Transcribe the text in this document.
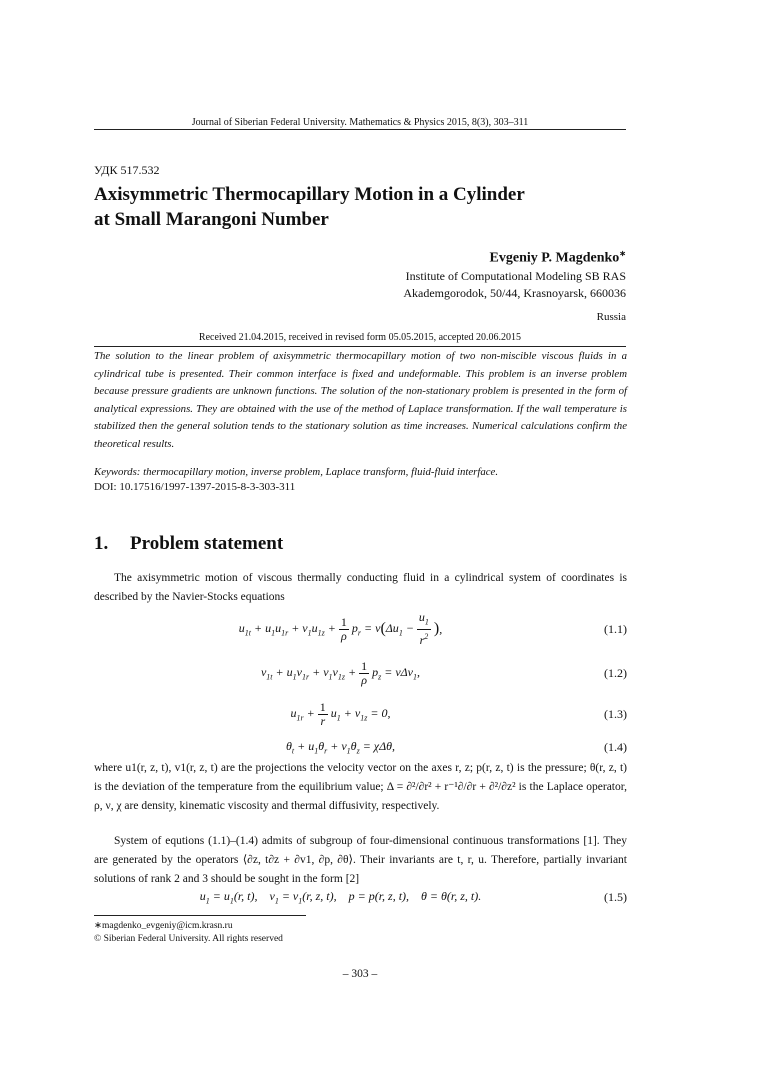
Journal of Siberian Federal University. Mathematics & Physics 2015, 8(3), 303–311
УДК 517.532
Axisymmetric Thermocapillary Motion in a Cylinder
at Small Marangoni Number
Evgeniy P. Magdenko∗
Institute of Computational Modeling SB RAS
Akademgorodok, 50/44, Krasnoyarsk, 660036
Russia
Received 21.04.2015, received in revised form 05.05.2015, accepted 20.06.2015
The solution to the linear problem of axisymmetric thermocapillary motion of two non-miscible viscous fluids in a cylindrical tube is presented. Their common interface is fixed and undeformable. This problem is an inverse problem because pressure gradients are unknown functions. The solution of the non-stationary problem is presented in the form of analytical expressions. They are obtained with the use of the method of Laplace transformation. If the wall temperature is stabilized then the general solution tends to the stationary solution as time increases. Numerical calculations confirm the theoretical results.
Keywords: thermocapillary motion, inverse problem, Laplace transform, fluid-fluid interface.
DOI: 10.17516/1997-1397-2015-8-3-303-311
1. Problem statement
The axisymmetric motion of viscous thermally conducting fluid in a cylindrical system of coordinates is described by the Navier-Stocks equations
$u_{1t} + u_1u_{1r} + v_1u_{1z} + \frac{1}{\rho} p_r = \nu$ ( $\Delta u_1 - \frac{u_1}{r^2}$ ) ,	(1.1)
$v_{1t} + u_1v_{1r} + v_1v_{1z} + \frac{1}{\rho} p_z = \nu\Delta v_1$,	(1.2)
$u_{1r} + \frac{1}{r} u_1 + v_{1z} = 0$,	(1.3)
$\theta_t + u_1\theta_r + v_1\theta_z = \chi\Delta\theta$,	(1.4)
where u1(r, z, t), v1(r, z, t) are the projections the velocity vector on the axes r, z; p(r, z, t) is the pressure; θ(r, z, t) is the deviation of the temperature from the equilibrium value; Δ = ∂²/∂r² + r⁻¹∂/∂r + ∂²/∂z² is the Laplace operator, ρ, ν, χ are density, kinematic viscosity and thermal diffusivity, respectively.
System of equtions (1.1)–(1.4) admits of subgroup of four-dimensional continuous transformations [1]. They are generated by the operators ⟨∂z, t∂z + ∂v1, ∂p, ∂θ⟩. Their invariants are t, r, u. Therefore, partially invariant solutions of rank 2 and 3 should be sought in the form [2]
$u_1 = u_1(r$, t),    $v_1 = v_1(r$, z, t),    p = p(r, z, t),    θ = θ(r, z, t).	(1.5)
∗magdenko_evgeniy@icm.krasn.ru
© Siberian Federal University. All rights reserved
– 303 –
